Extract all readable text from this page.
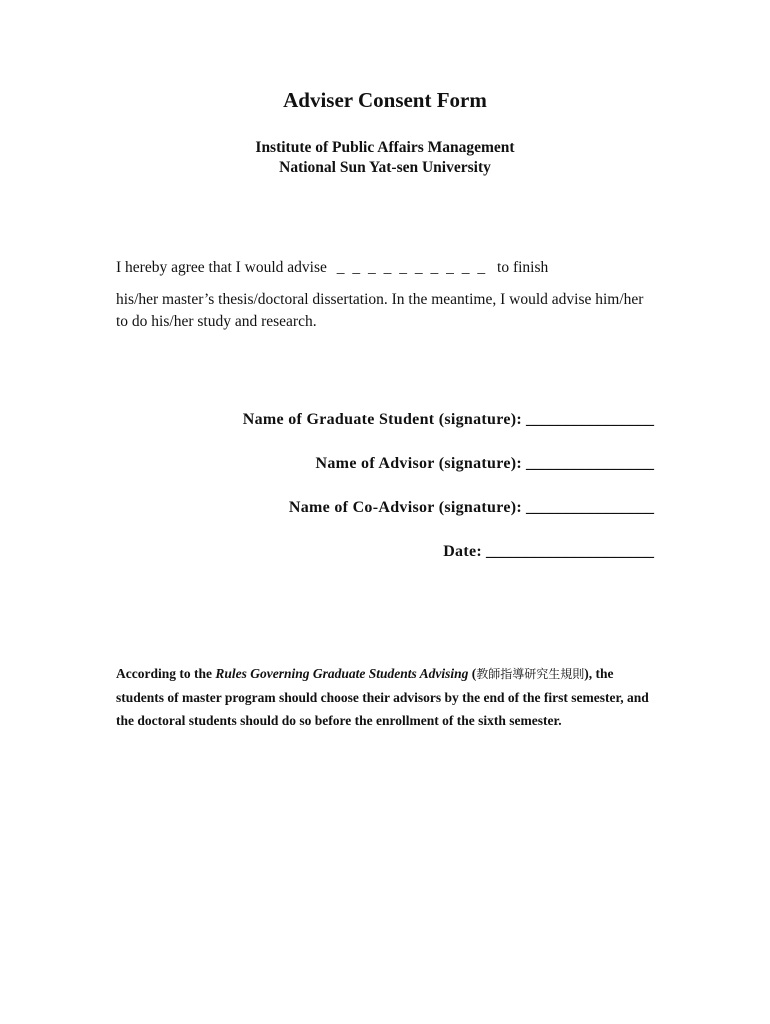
Adviser Consent Form
Institute of Public Affairs Management
National Sun Yat-sen University
I hereby agree that I would advise _ _ _ _ _ _ _ _ _ _ to finish
his/her master’s thesis/doctoral dissertation. In the meantime, I would advise him/her to do his/her study and research.
Name of Graduate Student (signature): ________________
Name of Advisor (signature): ________________
Name of Co-Advisor (signature): ________________
Date: _____________________
According to the Rules Governing Graduate Students Advising (教師指導研究生規則), the students of master program should choose their advisors by the end of the first semester, and the doctoral students should do so before the enrollment of the sixth semester.
